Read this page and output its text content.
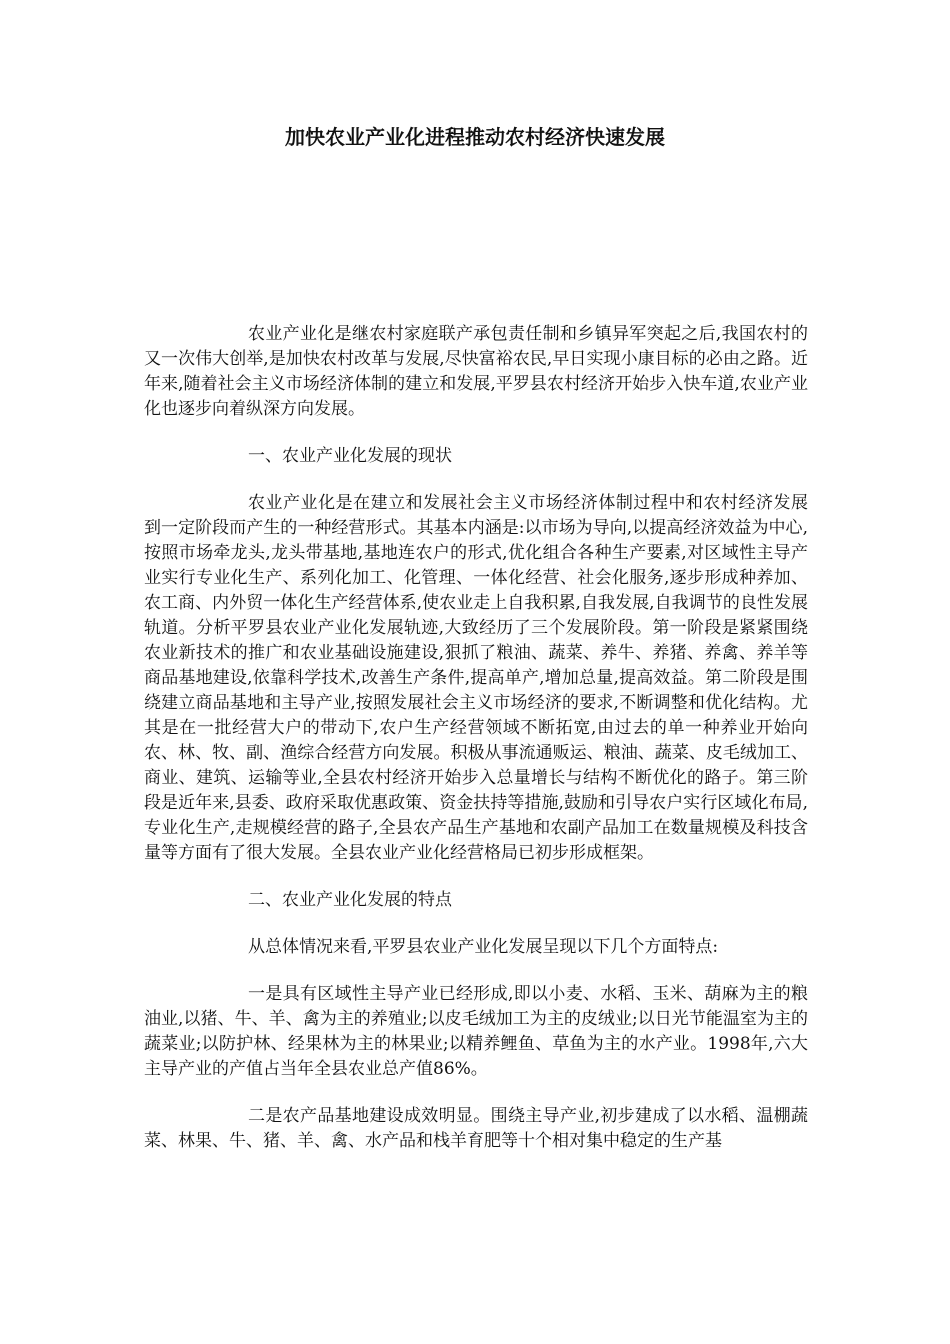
加快农业产业化进程推动农村经济快速发展

农业产业化是继农村家庭联产承包责任制和乡镇异军突起之后,我国农村的又一次伟大创举,是加快农村改革与发展,尽快富裕农民,早日实现小康目标的必由之路。近年来,随着社会主义市场经济体制的建立和发展,平罗县农村经济开始步入快车道,农业产业化也逐步向着纵深方向发展。

一、农业产业化发展的现状

农业产业化是在建立和发展社会主义市场经济体制过程中和农村经济发展到一定阶段而产生的一种经营形式。其基本内涵是:以市场为导向,以提高经济效益为中心,按照市场牵龙头,龙头带基地,基地连农户的形式,优化组合各种生产要素,对区域性主导产业实行专业化生产、系列化加工、化管理、一体化经营、社会化服务,逐步形成种养加、农工商、内外贸一体化生产经营体系,使农业走上自我积累,自我发展,自我调节的良性发展轨道。分析平罗县农业产业化发展轨迹,大致经历了三个发展阶段。第一阶段是紧紧围绕农业新技术的推广和农业基础设施建设,狠抓了粮油、蔬菜、养牛、养猪、养禽、养羊等商品基地建设,依靠科学技术,改善生产条件,提高单产,增加总量,提高效益。第二阶段是围绕建立商品基地和主导产业,按照发展社会主义市场经济的要求,不断调整和优化结构。尤其是在一批经营大户的带动下,农户生产经营领域不断拓宽,由过去的单一种养业开始向农、林、牧、副、渔综合经营方向发展。积极从事流通贩运、粮油、蔬菜、皮毛绒加工、商业、建筑、运输等业,全县农村经济开始步入总量增长与结构不断优化的路子。第三阶段是近年来,县委、政府采取优惠政策、资金扶持等措施,鼓励和引导农户实行区域化布局,专业化生产,走规模经营的路子,全县农产品生产基地和农副产品加工在数量规模及科技含量等方面有了很大发展。全县农业产业化经营格局已初步形成框架。

二、农业产业化发展的特点

从总体情况来看,平罗县农业产业化发展呈现以下几个方面特点:

一是具有区域性主导产业已经形成,即以小麦、水稻、玉米、葫麻为主的粮油业,以猪、牛、羊、禽为主的养殖业;以皮毛绒加工为主的皮绒业;以日光节能温室为主的蔬菜业;以防护林、经果林为主的林果业;以精养鲤鱼、草鱼为主的水产业。1998年,六大主导产业的产值占当年全县农业总产值86%。

二是农产品基地建设成效明显。围绕主导产业,初步建成了以水稻、温棚蔬菜、林果、牛、猪、羊、禽、水产品和栈羊育肥等十个相对集中稳定的生产基
